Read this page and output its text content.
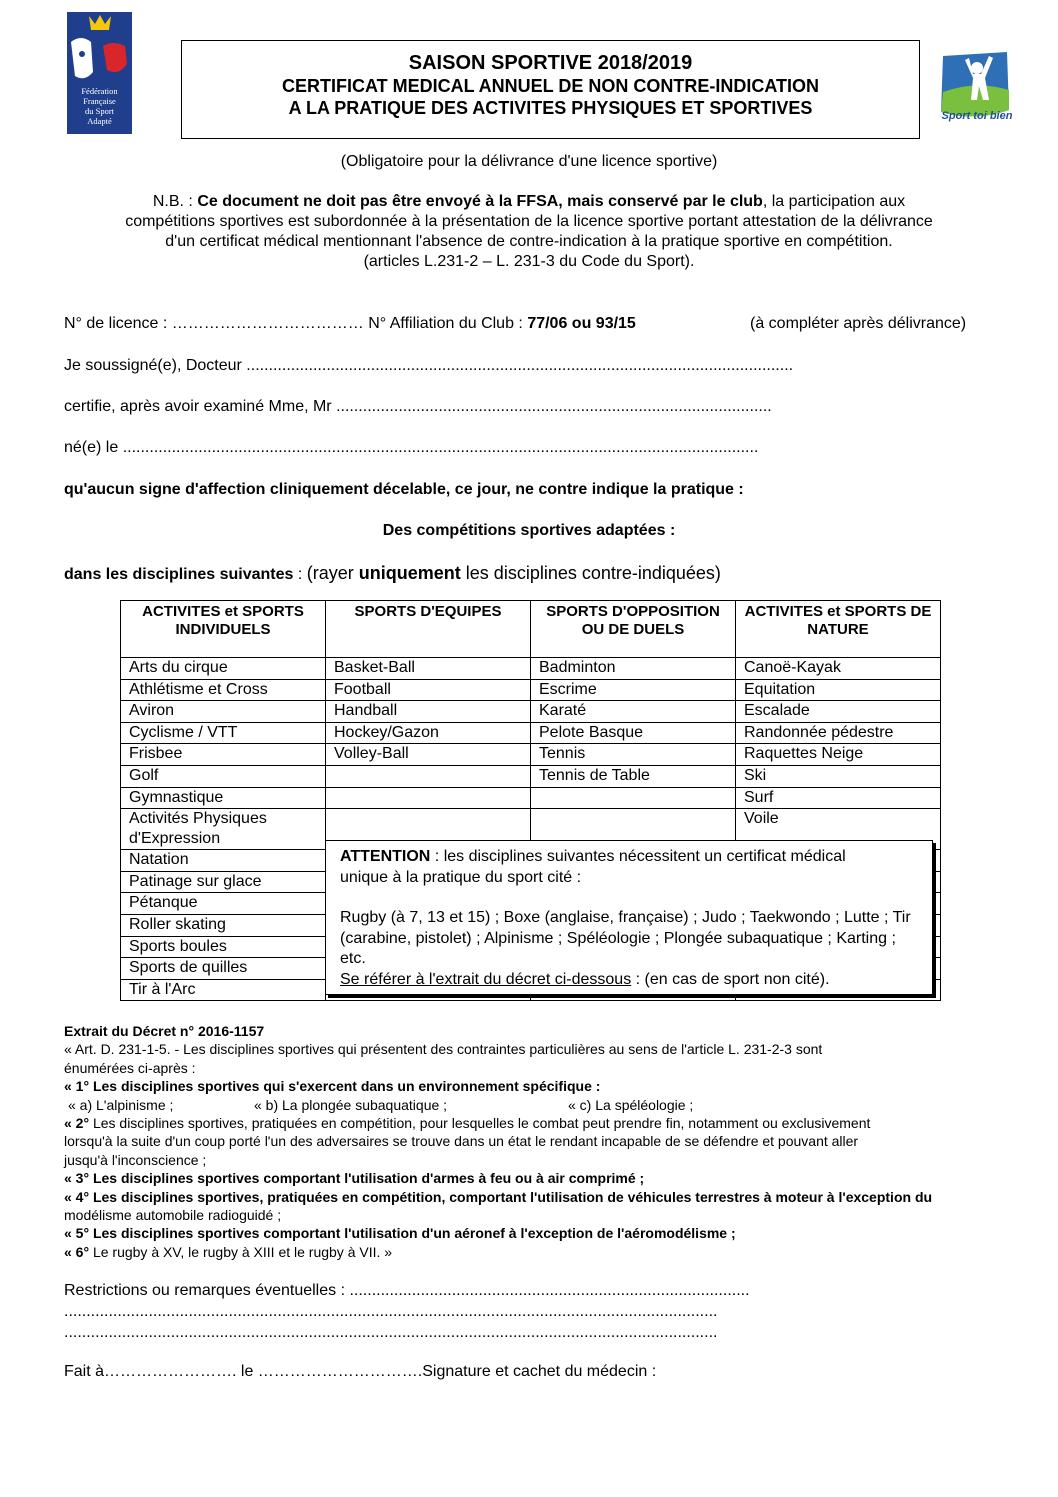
Fédération
Française
du Sport
Adapté
SAISON SPORTIVE 2018/2019
CERTIFICAT MEDICAL ANNUEL DE NON CONTRE-INDICATION
A LA PRATIQUE DES ACTIVITES PHYSIQUES ET SPORTIVES	Sport toi bien
(Obligatoire pour la délivrance d'une licence sportive)
N.B. : Ce document ne doit pas être envoyé à la FFSA, mais conservé par le club, la participation aux
compétitions sportives est subordonnée à la présentation de la licence sportive portant attestation de la délivrance
d'un certificat médical mentionnant l'absence de contre-indication à la pratique sportive en compétition.
(articles L.231-2 – L. 231-3 du Code du Sport).
N° de licence : ……………………………… N° Affiliation du Club : 77/06 ou 93/15	(à compléter après délivrance)
Je soussigné(e), Docteur ...........................................................................................................................
certifie, après avoir examiné Mme, Mr ..................................................................................................
né(e) le ...............................................................................................................................................
qu'aucun signe d'affection cliniquement décelable, ce jour, ne contre indique la pratique :
Des compétitions sportives adaptées :
dans les disciplines suivantes : (rayer uniquement les disciplines contre-indiquées)
ACTIVITES et SPORTS INDIVIDUELS	SPORTS D'EQUIPES	SPORTS D'OPPOSITION OU DE DUELS	ACTIVITES et SPORTS DE NATURE
Arts du cirque	Basket-Ball	Badminton	Canoë-Kayak
Athlétisme et Cross	Football	Escrime	Equitation
Aviron	Handball	Karaté	Escalade
Cyclisme / VTT	Hockey/Gazon	Pelote Basque	Randonnée pédestre
Frisbee	Volley-Ball	Tennis	Raquettes Neige
Golf		Tennis de Table	Ski
Gymnastique			Surf
Activités Physiques d'Expression			Voile
Natation			
Patinage sur glace			
Pétanque			
Roller skating			
Sports boules			
Sports de quilles			
Tir à l'Arc			
ATTENTION : les disciplines suivantes nécessitent un certificat médical
unique à la pratique du sport cité :
Rugby (à 7, 13 et 15) ; Boxe (anglaise, française) ; Judo ; Taekwondo ; Lutte ; Tir (carabine, pistolet) ; Alpinisme ; Spéléologie ; Plongée subaquatique ; Karting ; etc.
Se référer à l'extrait du décret ci-dessous : (en cas de sport non cité).

Extrait du Décret n° 2016-1157

« Art. D. 231-1-5. - Les disciplines sportives qui présentent des contraintes particulières au sens de l'article L. 231-2-3 sont

énumérées ci-après :

« 1° Les disciplines sportives qui s'exercent dans un environnement spécifique :

« a) L'alpinisme ;	« b) La plongée subaquatique ;	« c) La spéléologie ;

« 2° Les disciplines sportives, pratiquées en compétition, pour lesquelles le combat peut prendre fin, notamment ou exclusivement

lorsqu'à la suite d'un coup porté l'un des adversaires se trouve dans un état le rendant incapable de se défendre et pouvant aller

jusqu'à l'inconscience ;

« 3° Les disciplines sportives comportant l'utilisation d'armes à feu ou à air comprimé ;

« 4° Les disciplines sportives, pratiquées en compétition, comportant l'utilisation de véhicules terrestres à moteur à l'exception du

modélisme automobile radioguidé ;

« 5° Les disciplines sportives comportant l'utilisation d'un aéronef à l'exception de l'aéromodélisme ;

« 6° Le rugby à XV, le rugby à XIII et le rugby à VII. »

Restrictions ou remarques éventuelles : ..........................................................................................
...................................................................................................................................................
...................................................................................................................................................
Fait à……………………. le ………………………….Signature et cachet du médecin :
